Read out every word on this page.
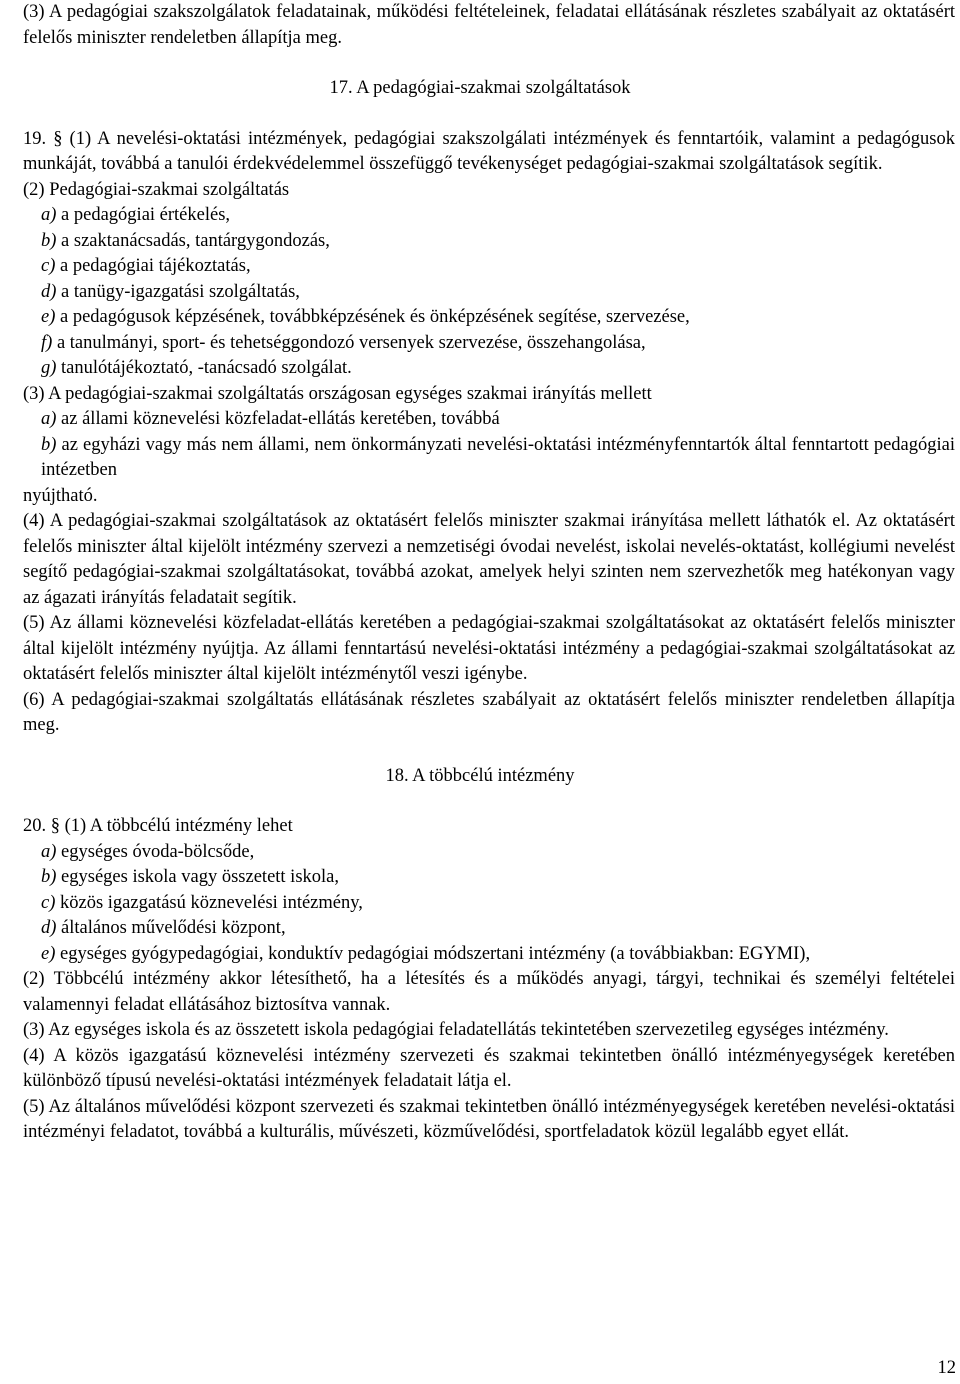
(3) A pedagógiai szakszolgálatok feladatainak, működési feltételeinek, feladatai ellátásának részletes szabályait az oktatásért felelős miniszter rendeletben állapítja meg.

17. A pedagógiai-szakmai szolgáltatások

19. § (1) A nevelési-oktatási intézmények, pedagógiai szakszolgálati intézmények és fenntartóik, valamint a pedagógusok munkáját, továbbá a tanulói érdekvédelemmel összefüggő tevékenységet pedagógiai-szakmai szolgáltatások segítik.

(2) Pedagógiai-szakmai szolgáltatás

a) a pedagógiai értékelés,

b) a szaktanácsadás, tantárgygondozás,

c) a pedagógiai tájékoztatás,

d) a tanügy-igazgatási szolgáltatás,

e) a pedagógusok képzésének, továbbképzésének és önképzésének segítése, szervezése,

f) a tanulmányi, sport- és tehetséggondozó versenyek szervezése, összehangolása,

g) tanulótájékoztató, -tanácsadó szolgálat.

(3) A pedagógiai-szakmai szolgáltatás országosan egységes szakmai irányítás mellett

a) az állami köznevelési közfeladat-ellátás keretében, továbbá

b) az egyházi vagy más nem állami, nem önkormányzati nevelési-oktatási intézményfenntartók által fenntartott pedagógiai intézetben

nyújtható.

(4) A pedagógiai-szakmai szolgáltatások az oktatásért felelős miniszter szakmai irányítása mellett láthatók el. Az oktatásért felelős miniszter által kijelölt intézmény szervezi a nemzetiségi óvodai nevelést, iskolai nevelés-oktatást, kollégiumi nevelést segítő pedagógiai-szakmai szolgáltatásokat, továbbá azokat, amelyek helyi szinten nem szervezhetők meg hatékonyan vagy az ágazati irányítás feladatait segítik.

(5) Az állami köznevelési közfeladat-ellátás keretében a pedagógiai-szakmai szolgáltatásokat az oktatásért felelős miniszter által kijelölt intézmény nyújtja. Az állami fenntartású nevelési-oktatási intézmény a pedagógiai-szakmai szolgáltatásokat az oktatásért felelős miniszter által kijelölt intézménytől veszi igénybe.

(6) A pedagógiai-szakmai szolgáltatás ellátásának részletes szabályait az oktatásért felelős miniszter rendeletben állapítja meg.

18. A többcélú intézmény

20. § (1) A többcélú intézmény lehet

a) egységes óvoda-bölcsőde,

b) egységes iskola vagy összetett iskola,

c) közös igazgatású köznevelési intézmény,

d) általános művelődési központ,

e) egységes gyógypedagógiai, konduktív pedagógiai módszertani intézmény (a továbbiakban: EGYMI),

(2) Többcélú intézmény akkor létesíthető, ha a létesítés és a működés anyagi, tárgyi, technikai és személyi feltételei valamennyi feladat ellátásához biztosítva vannak.

(3) Az egységes iskola és az összetett iskola pedagógiai feladatellátás tekintetében szervezetileg egységes intézmény.

(4) A közös igazgatású köznevelési intézmény szervezeti és szakmai tekintetben önálló intézményegységek keretében különböző típusú nevelési-oktatási intézmények feladatait látja el.

(5) Az általános művelődési központ szervezeti és szakmai tekintetben önálló intézményegységek keretében nevelési-oktatási intézményi feladatot, továbbá a kulturális, művészeti, közművelődési, sportfeladatok közül legalább egyet ellát.

12
